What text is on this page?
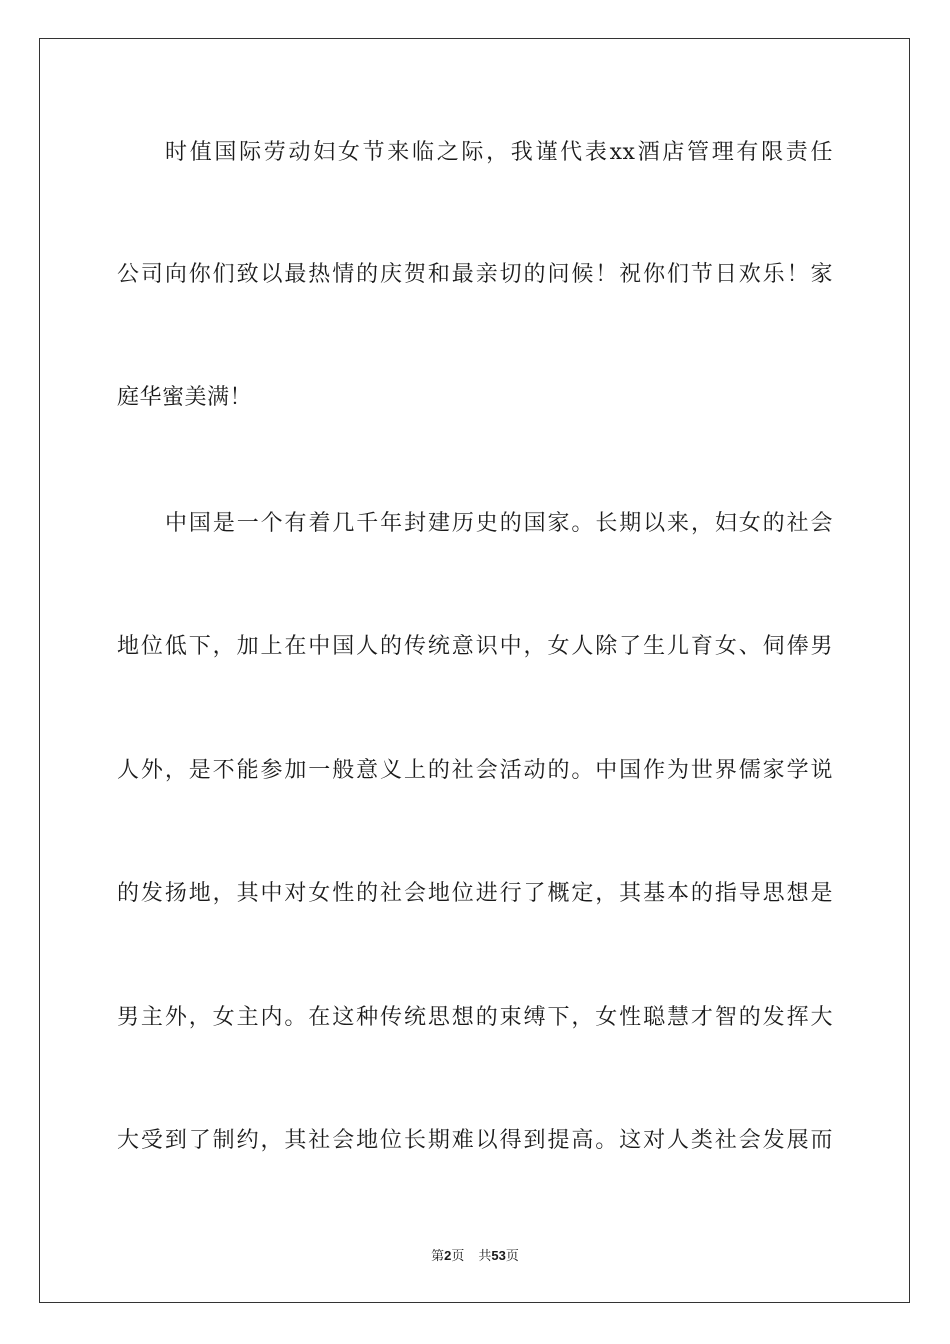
时值国际劳动妇女节来临之际，我谨代表xx酒店管理有限责任
公司向你们致以最热情的庆贺和最亲切的问候！祝你们节日欢乐！家
庭华蜜美满！
中国是一个有着几千年封建历史的国家。长期以来，妇女的社会
地位低下，加上在中国人的传统意识中，女人除了生儿育女、伺俸男
人外，是不能参加一般意义上的社会活动的。中国作为世界儒家学说
的发扬地，其中对女性的社会地位进行了概定，其基本的指导思想是
男主外，女主内。在这种传统思想的束缚下，女性聪慧才智的发挥大
大受到了制约，其社会地位长期难以得到提高。这对人类社会发展而
第2页 共53页
